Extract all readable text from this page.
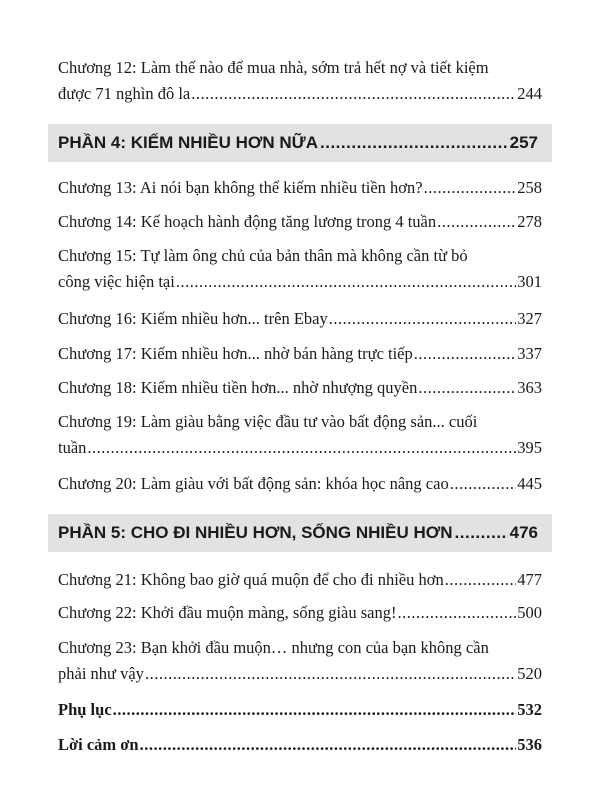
Chương 12: Làm thế nào để mua nhà, sớm trả hết nợ và tiết kiệm
được 71 nghìn đô la .....	244
PHẦN 4: KIẾM NHIỀU HƠN NỮA .....	257
Chương 13: Ai nói bạn không thể kiếm nhiều tiền hơn? .....	258
Chương 14: Kế hoạch hành động tăng lương trong 4 tuần .....	278
Chương 15: Tự làm ông chủ của bản thân mà không cần từ bỏ
công việc hiện tại .....	301
Chương 16: Kiếm nhiều hơn... trên Ebay .....	327
Chương 17: Kiếm nhiều hơn... nhờ bán hàng trực tiếp .....	337
Chương 18: Kiếm nhiều tiền hơn... nhờ nhượng quyền .....	363
Chương 19: Làm giàu bằng việc đầu tư vào bất động sản... cuối
tuần .....	395
Chương 20: Làm giàu với bất động sản: khóa học nâng cao .....	445
PHẦN 5: CHO ĐI NHIỀU HƠN, SỐNG NHIỀU HƠN .....	476
Chương 21: Không bao giờ quá muộn để cho đi nhiều hơn .....	477
Chương 22: Khởi đầu muộn màng, sống giàu sang! .....	500
Chương 23: Bạn khởi đầu muộn… nhưng con của bạn không cần
phải như vậy .....	520
Phụ lục .....	532
Lời cảm ơn .....	536
